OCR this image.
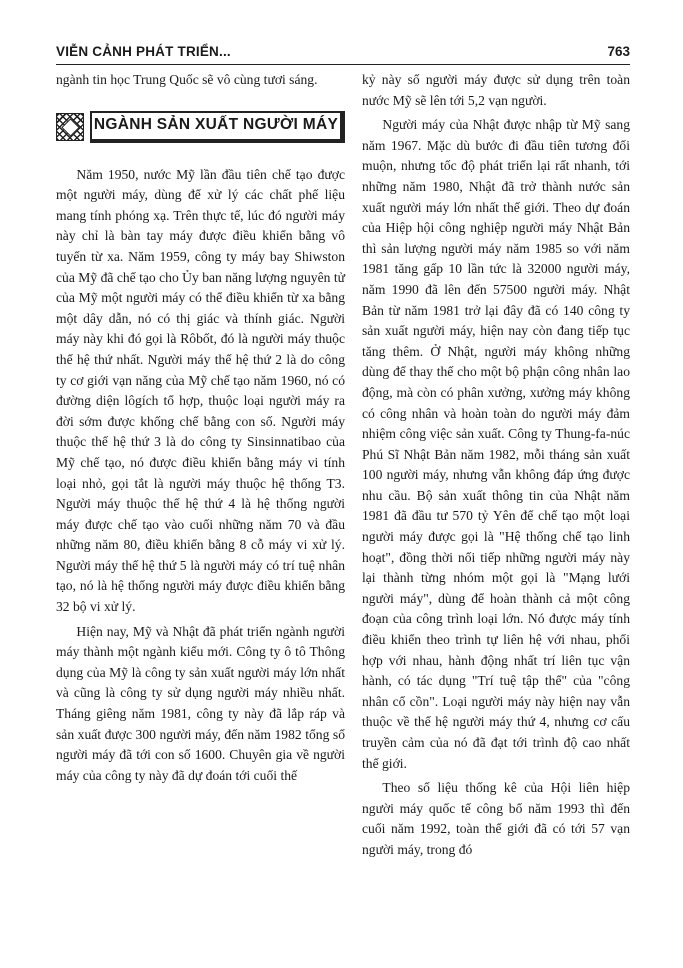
VIỄN CẢNH PHÁT TRIỂN...	763

ngành tin học Trung Quốc sẽ vô cùng tươi sáng.

NGÀNH SẢN XUẤT NGƯỜI MÁY

Năm 1950, nước Mỹ lần đầu tiên chế tạo được một người máy, dùng để xử lý các chất phế liệu mang tính phóng xạ. Trên thực tế, lúc đó người máy này chỉ là bàn tay máy được điều khiển bằng vô tuyến từ xa. Năm 1959, công ty máy bay Shiwston của Mỹ đã chế tạo cho Ủy ban năng lượng nguyên tử của Mỹ một người máy có thể điều khiển từ xa bằng một dây dẫn, nó có thị giác và thính giác. Người máy này khi đó gọi là Rôbốt, đó là người máy thuộc thế hệ thứ nhất. Người máy thế hệ thứ 2 là do công ty cơ giới vạn năng của Mỹ chế tạo năm 1960, nó có đường diện lôgích tổ hợp, thuộc loại người máy ra đời sớm được khống chế bằng con số. Người máy thuộc thế hệ thứ 3 là do công ty Sinsinnatibao của Mỹ chế tạo, nó được điều khiển bằng máy vi tính loại nhỏ, gọi tắt là người máy thuộc hệ thống T3. Người máy thuộc thế hệ thứ 4 là hệ thống người máy được chế tạo vào cuối những năm 70 và đầu những năm 80, điều khiển bằng 8 cỗ máy vi xử lý. Người máy thế hệ thứ 5 là người máy có trí tuệ nhân tạo, nó là hệ thống người máy được điều khiển bằng 32 bộ vi xử lý.

Hiện nay, Mỹ và Nhật đã phát triển ngành người máy thành một ngành kiểu mới. Công ty ô tô Thông dụng của Mỹ là công ty sản xuất người máy lớn nhất và cũng là công ty sử dụng người máy nhiều nhất. Tháng giêng năm 1981, công ty này đã lắp ráp và sản xuất được 300 người máy, đến năm 1982 tổng số người máy đã tới con số 1600. Chuyên gia về người máy của công ty này đã dự đoán tới cuối thế

kỷ này số người máy được sử dụng trên toàn nước Mỹ sẽ lên tới 5,2 vạn người.

Người máy của Nhật được nhập từ Mỹ sang năm 1967. Mặc dù bước đi đầu tiên tương đối muộn, nhưng tốc độ phát triển lại rất nhanh, tới những năm 1980, Nhật đã trở thành nước sản xuất người máy lớn nhất thế giới. Theo dự đoán của Hiệp hội công nghiệp người máy Nhật Bản thì sản lượng người máy năm 1985 so với năm 1981 tăng gấp 10 lần tức là 32000 người máy, năm 1990 đã lên đến 57500 người máy. Nhật Bản từ năm 1981 trở lại đây đã có 140 công ty sản xuất người máy, hiện nay còn đang tiếp tục tăng thêm. Ở Nhật, người máy không những dùng để thay thế cho một bộ phận công nhân lao động, mà còn có phân xưởng, xưởng máy không có công nhân và hoàn toàn do người máy đảm nhiệm công việc sản xuất. Công ty Thung-fa-núc Phú Sĩ Nhật Bản năm 1982, mỗi tháng sản xuất 100 người máy, nhưng vẫn không đáp ứng được nhu cầu. Bộ sản xuất thông tin của Nhật năm 1981 đã đầu tư 570 tỷ Yên để chế tạo một loại người máy được gọi là "Hệ thống chế tạo linh hoạt", đồng thời nối tiếp những người máy này lại thành từng nhóm một gọi là "Mạng lưới người máy", dùng để hoàn thành cả một công đoạn của công trình loại lớn. Nó được máy tính điều khiển theo trình tự liên hệ với nhau, phối hợp với nhau, hành động nhất trí liên tục vận hành, có tác dụng "Trí tuệ tập thể" của "công nhân cổ cồn". Loại người máy này hiện nay vẫn thuộc về thế hệ người máy thứ 4, nhưng cơ cấu truyền cảm của nó đã đạt tới trình độ cao nhất thế giới.

Theo số liệu thống kê của Hội liên hiệp người máy quốc tế công bố năm 1993 thì đến cuối năm 1992, toàn thế giới đã có tới 57 vạn người máy, trong đó
